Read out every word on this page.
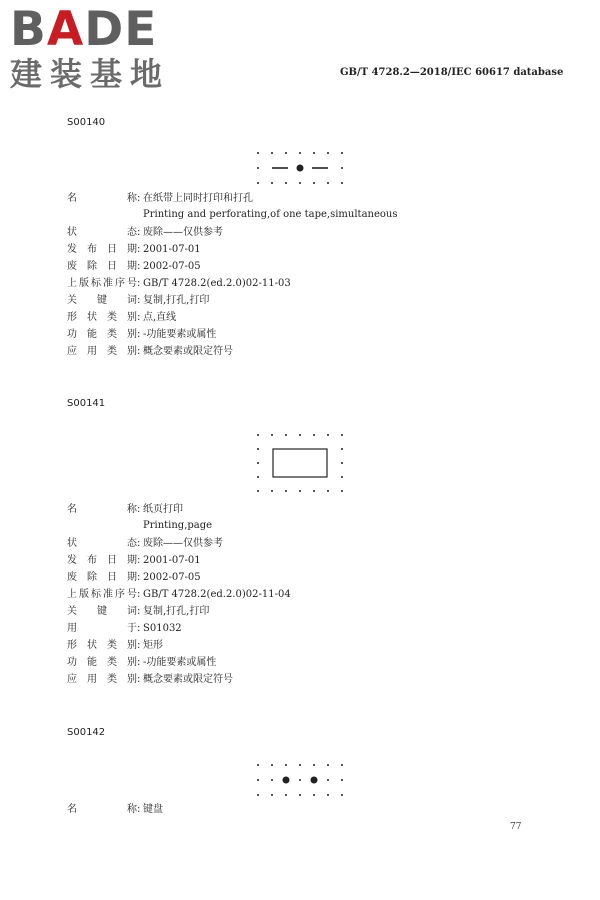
BADE
建装基地	GB/T 4728.2—2018/IEC 60617 database
S00140
名称: 在纸带上同时打印和打孔
Printing and perforating,of one tape,simultaneous
状态: 废除——仅供参考
发布日期: 2001-07-01
废除日期: 2002-07-05
上版标准序号: GB/T 4728.2(ed.2.0)02-11-03
关键词: 复制,打孔,打印
形状类别: 点,直线
功能类别: -功能要素或属性
应用类别: 概念要素或限定符号
S00141
名称: 纸页打印
Printing,page
状态: 废除——仅供参考
发布日期: 2001-07-01
废除日期: 2002-07-05
上版标准序号: GB/T 4728.2(ed.2.0)02-11-04
关键词: 复制,打孔,打印
用于: S01032
形状类别: 矩形
功能类别: -功能要素或属性
应用类别: 概念要素或限定符号
S00142
名称: 键盘
77
